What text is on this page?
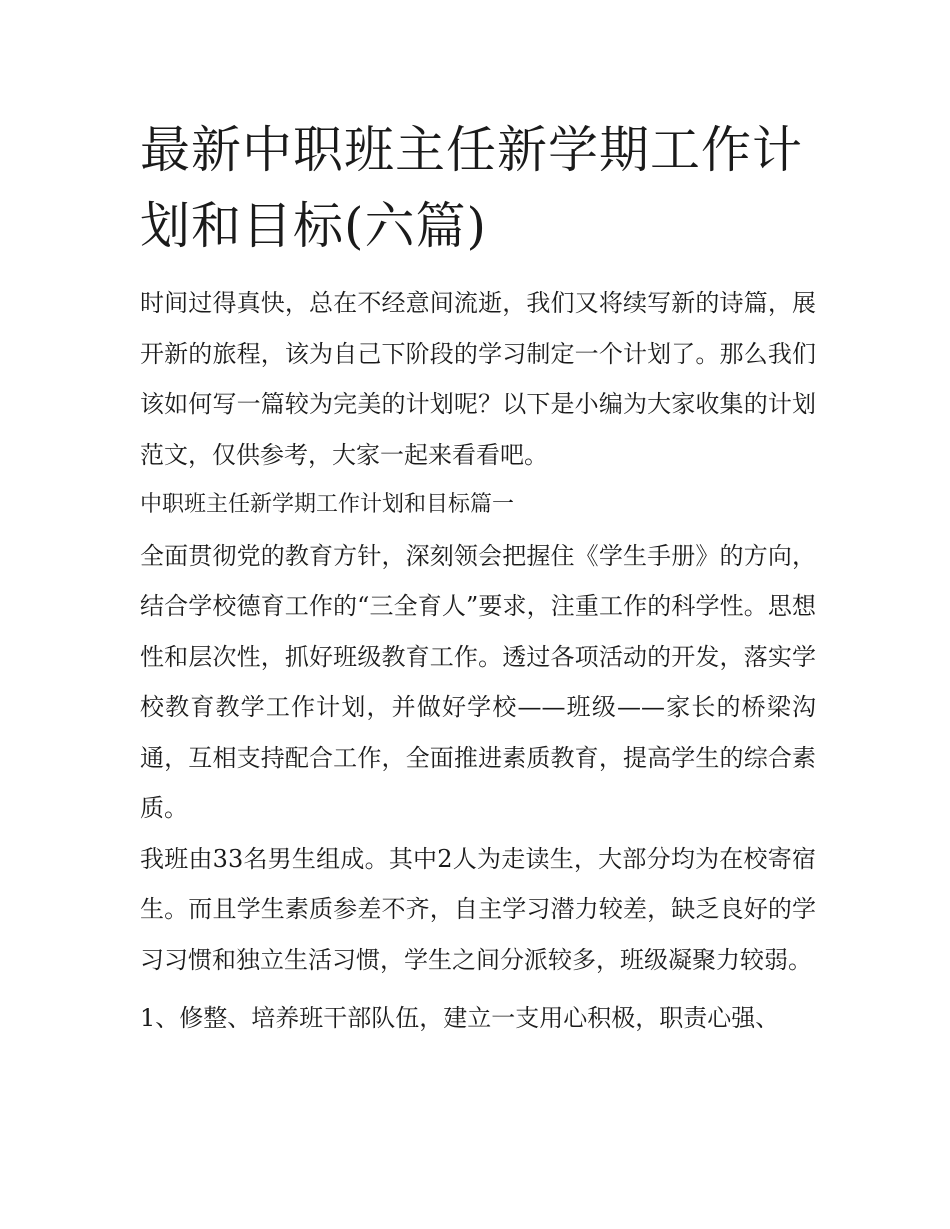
最新中职班主任新学期工作计划和目标(六篇)

时间过得真快，总在不经意间流逝，我们又将续写新的诗篇，展开新的旅程，该为自己下阶段的学习制定一个计划了。那么我们该如何写一篇较为完美的计划呢？以下是小编为大家收集的计划范文，仅供参考，大家一起来看看吧。

中职班主任新学期工作计划和目标篇一

全面贯彻党的教育方针，深刻领会把握住《学生手册》的方向，结合学校德育工作的“三全育人”要求，注重工作的科学性。思想性和层次性，抓好班级教育工作。透过各项活动的开发，落实学校教育教学工作计划，并做好学校——班级——家长的桥梁沟通，互相支持配合工作，全面推进素质教育，提高学生的综合素质。

我班由33名男生组成。其中2人为走读生，大部分均为在校寄宿生。而且学生素质参差不齐，自主学习潜力较差，缺乏良好的学习习惯和独立生活习惯，学生之间分派较多，班级凝聚力较弱。

1、修整、培养班干部队伍，建立一支用心积极，职责心强、
